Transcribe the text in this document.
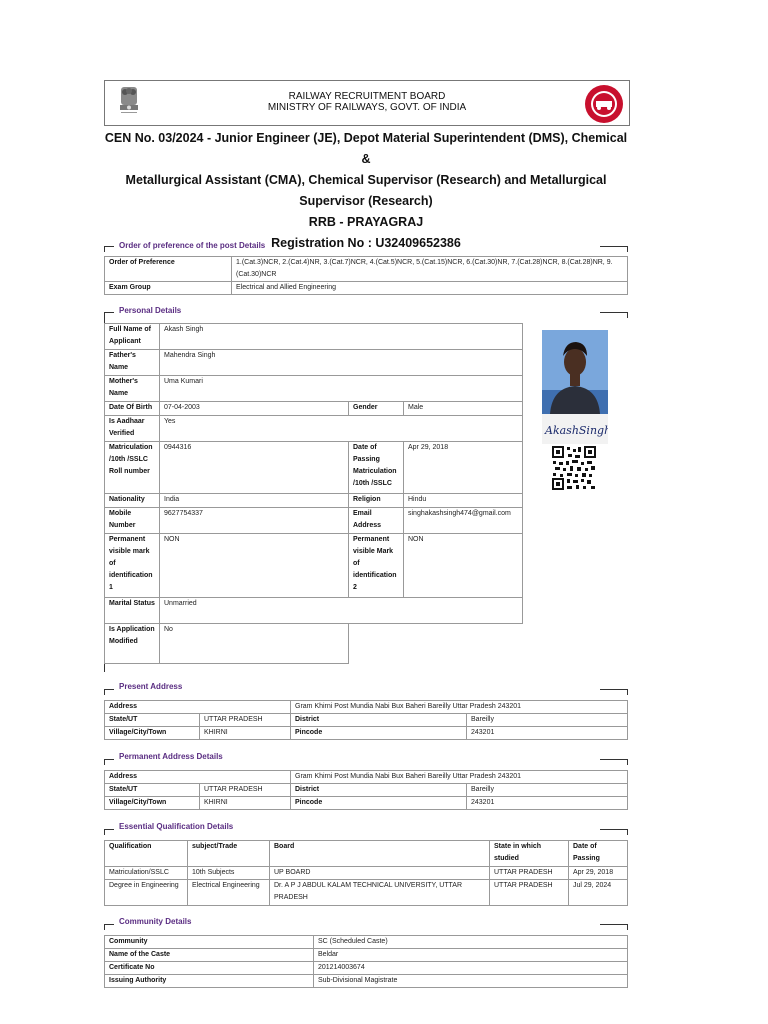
RAILWAY RECRUITMENT BOARD
MINISTRY OF RAILWAYS, GOVT. OF INDIA
CEN No. 03/2024 - Junior Engineer (JE), Depot Material Superintendent (DMS), Chemical &
Metallurgical Assistant (CMA), Chemical Supervisor (Research) and Metallurgical
Supervisor (Research)
RRB - PRAYAGRAJ
Registration No : U32409652386
Order of preference of the post Details
Order of Preference	1.(Cat.3)NCR, 2.(Cat.4)NR, 3.(Cat.7)NCR, 4.(Cat.5)NCR, 5.(Cat.15)NCR, 6.(Cat.30)NR, 7.(Cat.28)NCR, 8.(Cat.28)NR, 9.(Cat.30)NCR
Exam Group	Electrical and Allied Engineering
Personal Details
Full Name of Applicant	Akash Singh		
Father's Name	Mahendra Singh		
Mother's Name	Uma Kumari		
Date Of Birth	07-04-2003	Gender	Male
Is Aadhaar Verified	Yes		
Matriculation /10th /SSLC Roll number	0944316	Date of Passing Matriculation /10th /SSLC	Apr 29, 2018
Nationality	India	Religion	Hindu
Mobile Number	9627754337	Email Address	singhakashsingh474@gmail.com
Permanent visible mark of identification 1	NON	Permanent visible Mark of identification 2	NON
Marital Status	Unmarried		
Is Application Modified	No		
AkashSingh
Present Address
Address		Gram Khirni Post Mundia Nabi Bux Baheri Bareilly Uttar Pradesh 243201	
State/UT	UTTAR PRADESH	District	Bareilly
Village/City/Town	KHIRNI	Pincode	243201
Permanent Address Details
Address		Gram Khirni Post Mundia Nabi Bux Baheri Bareilly Uttar Pradesh 243201	
State/UT	UTTAR PRADESH	District	Bareilly
Village/City/Town	KHIRNI	Pincode	243201
Essential Qualification Details
Qualification	subject/Trade	Board	State in which studied	Date of Passing
Matriculation/SSLC	10th Subjects	UP BOARD	UTTAR PRADESH	Apr 29, 2018
Degree in Engineering	Electrical Engineering	Dr. A P J ABDUL KALAM TECHNICAL UNIVERSITY, UTTAR PRADESH	UTTAR PRADESH	Jul 29, 2024
Community Details
Community	SC (Scheduled Caste)
Name of the Caste	Beldar
Certificate No	201214003674
Issuing Authority	Sub-Divisional Magistrate
